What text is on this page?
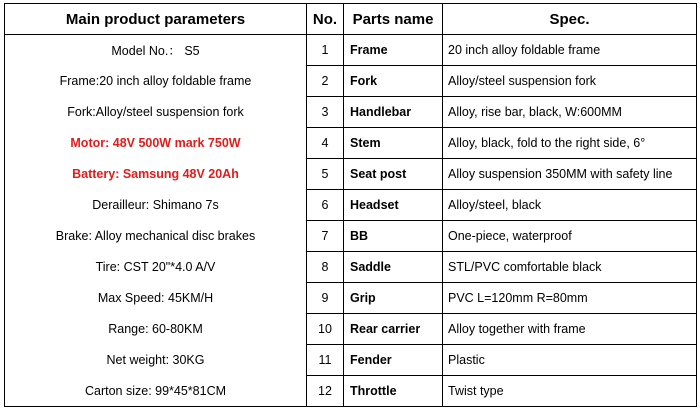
Main product parameters	No.	Parts name	Spec.
Model No.： S5	1	Frame	20 inch alloy foldable frame
Frame:20 inch alloy foldable frame	2	Fork	Alloy/steel suspension fork
Fork:Alloy/steel suspension fork	3	Handlebar	Alloy, rise bar, black, W:600MM
Motor: 48V 500W mark 750W	4	Stem	Alloy, black, fold to the right side, 6°
Battery: Samsung 48V 20Ah	5	Seat post	Alloy suspension 350MM with safety line
Derailleur: Shimano 7s	6	Headset	Alloy/steel, black
Brake: Alloy mechanical disc brakes	7	BB	One-piece, waterproof
Tire: CST 20"*4.0 A/V	8	Saddle	STL/PVC comfortable black
Max Speed: 45KM/H	9	Grip	PVC L=120mm R=80mm
Range: 60-80KM	10	Rear carrier	Alloy together with frame
Net weight: 30KG	11	Fender	Plastic
Carton size: 99*45*81CM	12	Throttle	Twist type
